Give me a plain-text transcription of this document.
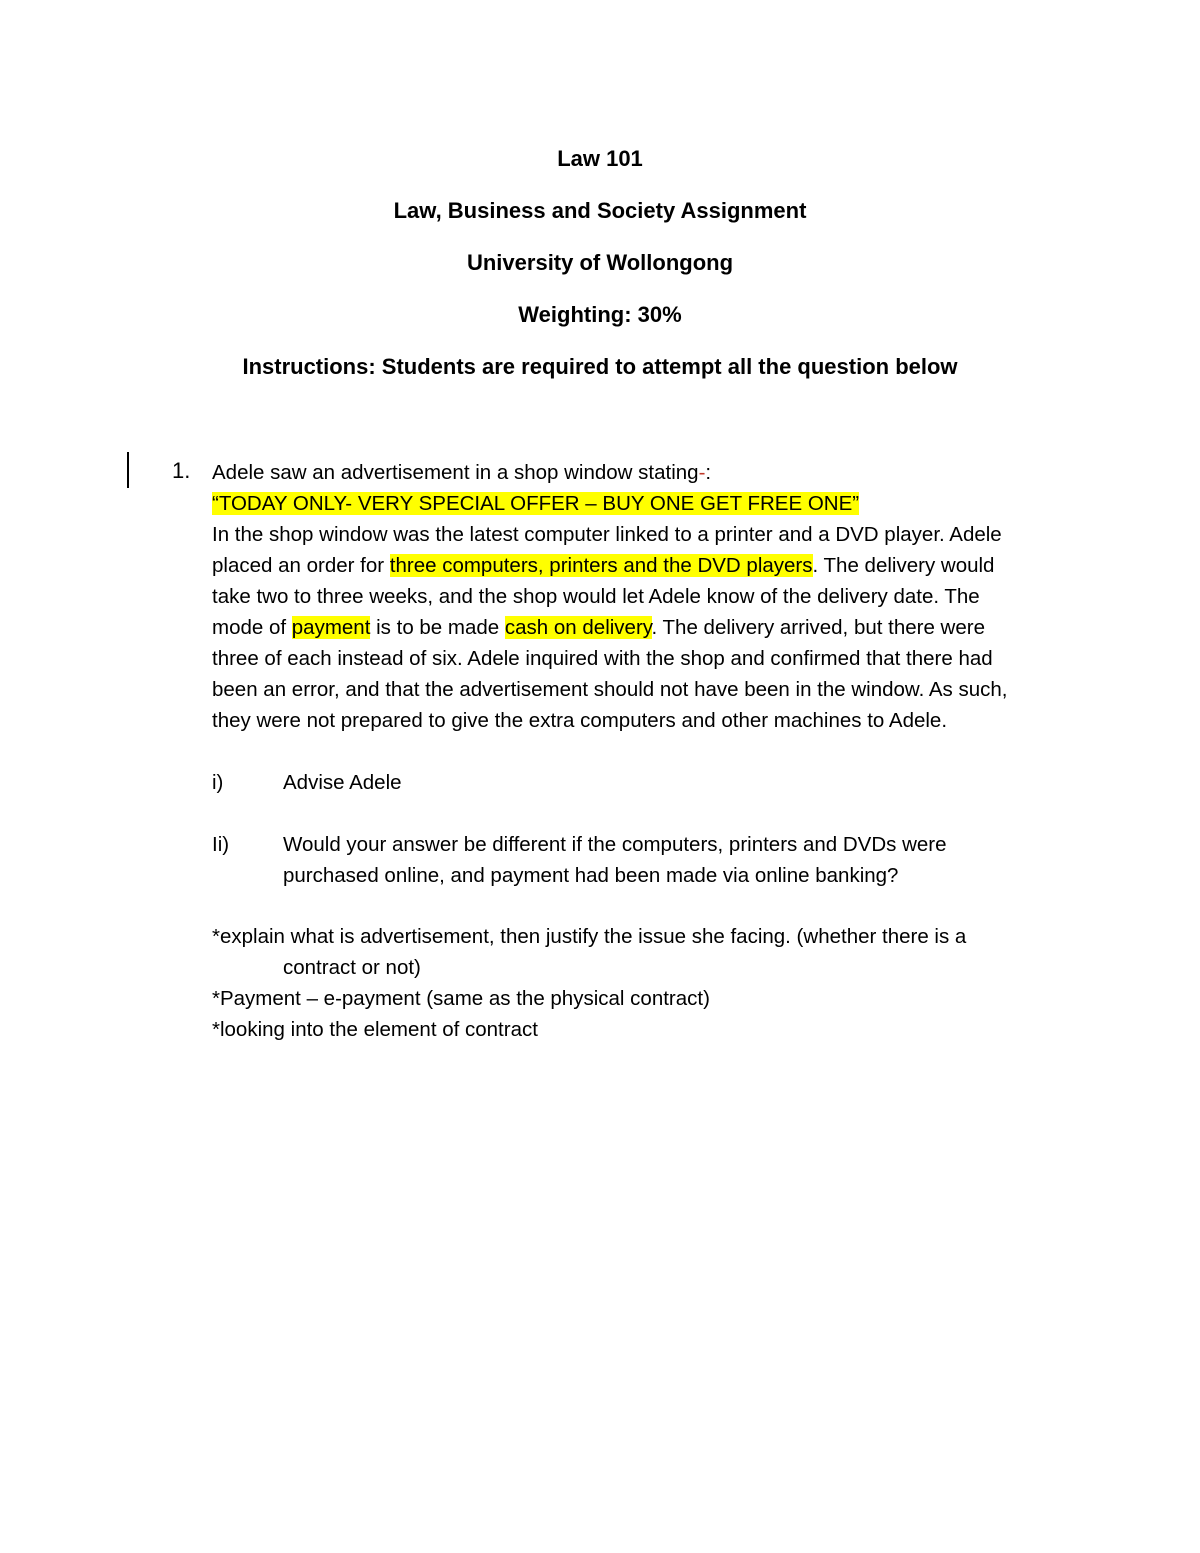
Law 101
Law, Business and Society Assignment
University of Wollongong
Weighting: 30%
Instructions: Students are required to attempt all the question below
1. Adele saw an advertisement in a shop window stating-:
“TODAY ONLY- VERY SPECIAL OFFER – BUY ONE GET FREE ONE”
In the shop window was the latest computer linked to a printer and a DVD player. Adele
placed an order for three computers, printers and the DVD players. The delivery would
take two to three weeks, and the shop would let Adele know of the delivery date. The
mode of payment is to be made cash on delivery. The delivery arrived, but there were
three of each instead of six. Adele inquired with the shop and confirmed that there had
been an error, and that the advertisement should not have been in the window. As such,
they were not prepared to give the extra computers and other machines to Adele.
i)	Advise Adele
Ii)	Would your answer be different if the computers, printers and DVDs were
purchased online, and payment had been made via online banking?
*explain what is advertisement, then justify the issue she facing. (whether there is a
contract or not)
*Payment – e-payment (same as the physical contract)
*looking into the element of contract
